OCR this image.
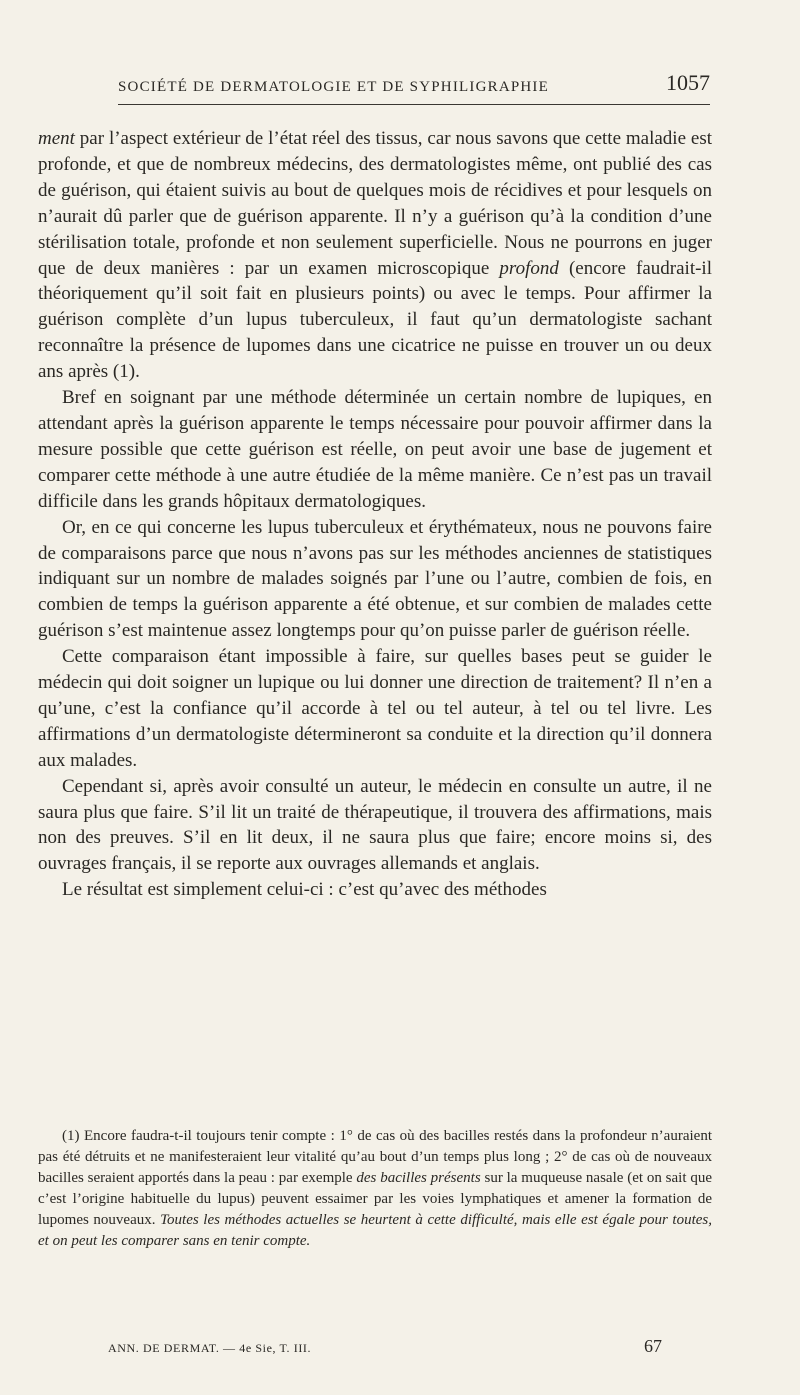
SOCIÉTÉ DE DERMATOLOGIE ET DE SYPHILIGRAPHIE	1057

ment par l’aspect extérieur de l’état réel des tissus, car nous savons que cette maladie est profonde, et que de nombreux médecins, des dermatologistes même, ont publié des cas de guérison, qui étaient suivis au bout de quelques mois de récidives et pour lesquels on n’aurait dû parler que de guérison apparente. Il n’y a guérison qu’à la condition d’une stérilisation totale, profonde et non seulement superficielle. Nous ne pourrons en juger que de deux manières : par un examen microscopique profond (encore faudrait-il théoriquement qu’il soit fait en plusieurs points) ou avec le temps. Pour affirmer la guérison complète d’un lupus tuberculeux, il faut qu’un dermatologiste sachant reconnaître la présence de lupomes dans une cicatrice ne puisse en trouver un ou deux ans après (1).

Bref en soignant par une méthode déterminée un certain nombre de lupiques, en attendant après la guérison apparente le temps nécessaire pour pouvoir affirmer dans la mesure possible que cette guérison est réelle, on peut avoir une base de jugement et comparer cette méthode à une autre étudiée de la même manière. Ce n’est pas un travail difficile dans les grands hôpitaux dermatologiques.

Or, en ce qui concerne les lupus tuberculeux et érythémateux, nous ne pouvons faire de comparaisons parce que nous n’avons pas sur les méthodes anciennes de statistiques indiquant sur un nombre de malades soignés par l’une ou l’autre, combien de fois, en combien de temps la guérison apparente a été obtenue, et sur combien de malades cette guérison s’est maintenue assez longtemps pour qu’on puisse parler de guérison réelle.

Cette comparaison étant impossible à faire, sur quelles bases peut se guider le médecin qui doit soigner un lupique ou lui donner une direction de traitement? Il n’en a qu’une, c’est la confiance qu’il accorde à tel ou tel auteur, à tel ou tel livre. Les affirmations d’un dermatologiste détermineront sa conduite et la direction qu’il donnera aux malades.

Cependant si, après avoir consulté un auteur, le médecin en consulte un autre, il ne saura plus que faire. S’il lit un traité de thérapeutique, il trouvera des affirmations, mais non des preuves. S’il en lit deux, il ne saura plus que faire; encore moins si, des ouvrages français, il se reporte aux ouvrages allemands et anglais.

Le résultat est simplement celui-ci : c’est qu’avec des méthodes

(1) Encore faudra-t-il toujours tenir compte : 1° de cas où des bacilles restés dans la profondeur n’auraient pas été détruits et ne manifesteraient leur vitalité qu’au bout d’un temps plus long ; 2° de cas où de nouveaux bacilles seraient apportés dans la peau : par exemple des bacilles présents sur la muqueuse nasale (et on sait que c’est l’origine habituelle du lupus) peuvent essaimer par les voies lymphatiques et amener la formation de lupomes nouveaux. Toutes les méthodes actuelles se heurtent à cette difficulté, mais elle est égale pour toutes, et on peut les comparer sans en tenir compte.

ANN. DE DERMAT. — 4e Sie, T. III.	67
